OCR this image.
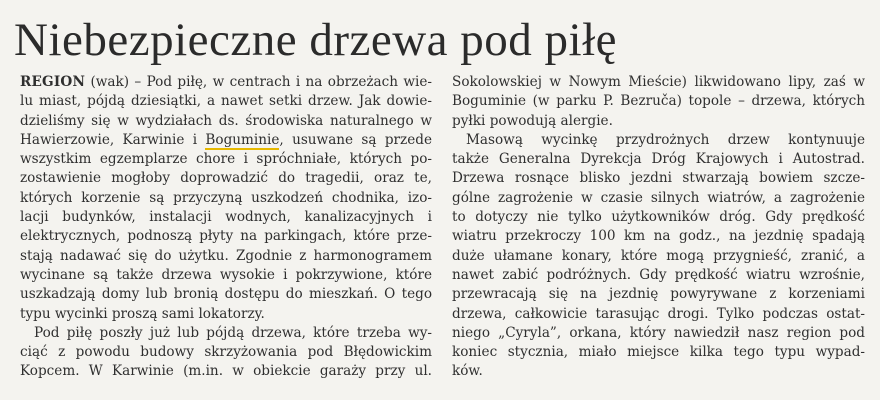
Niebezpieczne drzewa pod piłę
REGION (wak) – Pod piłę, w centrach i na obrzeżach wie-
lu miast, pójdą dziesiątki, a nawet setki drzew. Jak dowie-
dzieliśmy się w wydziałach ds. środowiska naturalnego w
Hawierzowie, Karwinie i Boguminie, usuwane są przede
wszystkim egzemplarze chore i spróchniałe, których po-
zostawienie mogłoby doprowadzić do tragedii, oraz te,
których korzenie są przyczyną uszkodzeń chodnika, izo-
lacji budynków, instalacji wodnych, kanalizacyjnych i
elektrycznych, podnoszą płyty na parkingach, które prze-
stają nadawać się do użytku. Zgodnie z harmonogramem
wycinane są także drzewa wysokie i pokrzywione, które
uszkadzają domy lub bronią dostępu do mieszkań. O tego
typu wycinki proszą sami lokatorzy.
Pod piłę poszły już lub pójdą drzewa, które trzeba wy-
ciąć z powodu budowy skrzyżowania pod Błędowickim
Kopcem. W Karwinie (m.in. w obiekcie garaży przy ul.
Sokolowskiej w Nowym Mieście) likwidowano lipy, zaś w
Boguminie (w parku P. Bezruča) topole – drzewa, których
pyłki powodują alergie.
Masową wycinkę przydrożnych drzew kontynuuje
także Generalna Dyrekcja Dróg Krajowych i Autostrad.
Drzewa rosnące blisko jezdni stwarzają bowiem szcze-
gólne zagrożenie w czasie silnych wiatrów, a zagrożenie
to dotyczy nie tylko użytkowników dróg. Gdy prędkość
wiatru przekroczy 100 km na godz., na jezdnię spadają
duże ułamane konary, które mogą przygnieść, zranić, a
nawet zabić podróżnych. Gdy prędkość wiatru wzrośnie,
przewracają się na jezdnię powyrywane z korzeniami
drzewa, całkowicie tarasując drogi. Tylko podczas ostat-
niego „Cyryla”, orkana, który nawiedził nasz region pod
koniec stycznia, miało miejsce kilka tego typu wypad-
ków.
